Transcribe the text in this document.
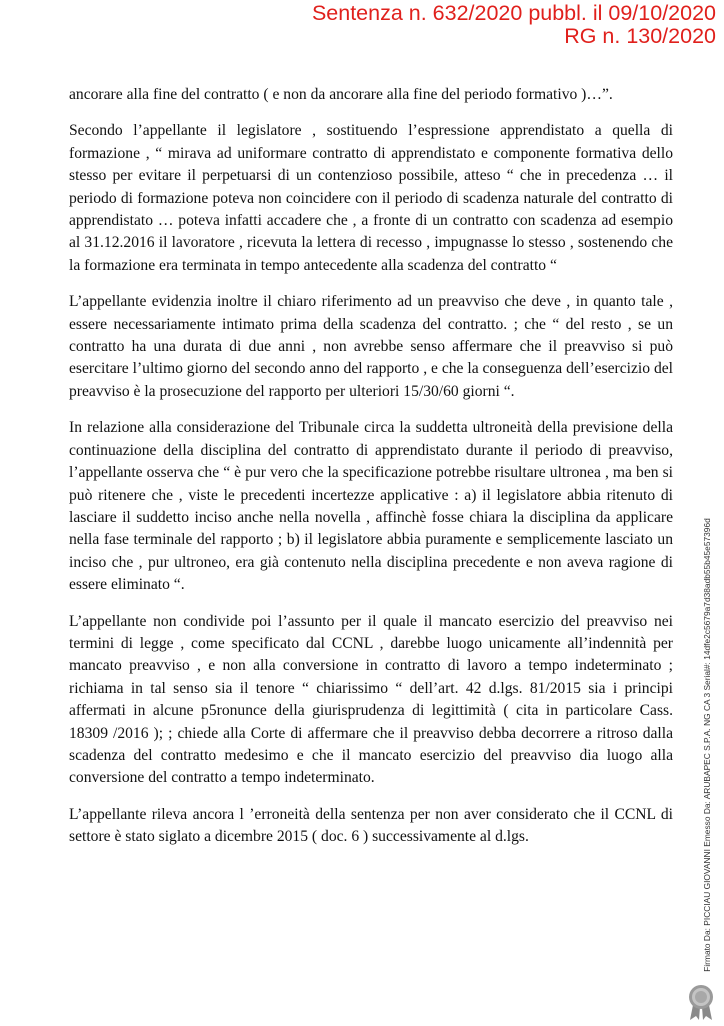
Sentenza n. 632/2020 pubbl. il 09/10/2020
RG n. 130/2020

ancorare alla fine del contratto ( e non da ancorare alla fine del periodo formativo )…”.

Secondo l’appellante il legislatore , sostituendo l’espressione apprendistato a quella di formazione , “ mirava ad uniformare contratto di apprendistato e componente formativa dello stesso per evitare il perpetuarsi di un contenzioso possibile, atteso “ che in precedenza … il periodo di formazione poteva non coincidere con il periodo di scadenza naturale del contratto di apprendistato … poteva infatti accadere che , a fronte di un contratto con scadenza ad esempio al 31.12.2016 il lavoratore , ricevuta la lettera di recesso , impugnasse lo stesso , sostenendo che la formazione era terminata in tempo antecedente alla scadenza del contratto “

L’appellante evidenzia inoltre il chiaro riferimento ad un preavviso che deve , in quanto tale , essere necessariamente intimato prima della scadenza del contratto. ; che “ del resto , se un contratto ha una durata di due anni , non avrebbe senso affermare che il preavviso si può esercitare l’ultimo giorno del secondo anno del rapporto , e che la conseguenza dell’esercizio del preavviso è la prosecuzione del rapporto per ulteriori 15/30/60 giorni “.

In relazione alla considerazione del Tribunale circa la suddetta ultroneità della previsione della continuazione della disciplina del contratto di apprendistato durante il periodo di preavviso, l’appellante osserva che “ è pur vero che la specificazione potrebbe risultare ultronea , ma ben si può ritenere che , viste le precedenti incertezze applicative : a) il legislatore abbia ritenuto di lasciare il suddetto inciso anche nella novella , affinchè fosse chiara la disciplina da applicare nella fase terminale del rapporto ; b) il legislatore abbia puramente e semplicemente lasciato un inciso che , pur ultroneo, era già contenuto nella disciplina precedente e non aveva ragione di essere eliminato “.

L’appellante non condivide poi l’assunto per il quale il mancato esercizio del preavviso nei termini di legge , come specificato dal CCNL , darebbe luogo unicamente all’indennità per mancato preavviso , e non alla conversione in contratto di lavoro a tempo indeterminato ; richiama in tal senso sia il tenore “ chiarissimo “ dell’art. 42 d.lgs. 81/2015 sia i principi affermati in alcune p5ronunce della giurisprudenza di legittimità ( cita in particolare Cass. 18309 /2016 ); ; chiede alla Corte di affermare che il preavviso debba decorrere a ritroso dalla scadenza del contratto medesimo e che il mancato esercizio del preavviso dia luogo alla conversione del contratto a tempo indeterminato.

L’appellante rileva ancora l ’erroneità della sentenza per non aver considerato che il CCNL di settore è stato siglato a dicembre 2015 ( doc. 6 ) successivamente al d.lgs.	Firmato Da: PICCIAU GIOVANNI Emesso Da: ARUBAPEC S.P.A. NG CA 3 Serial#: 14dfe2c5679a7d38adb55b45e57396d
